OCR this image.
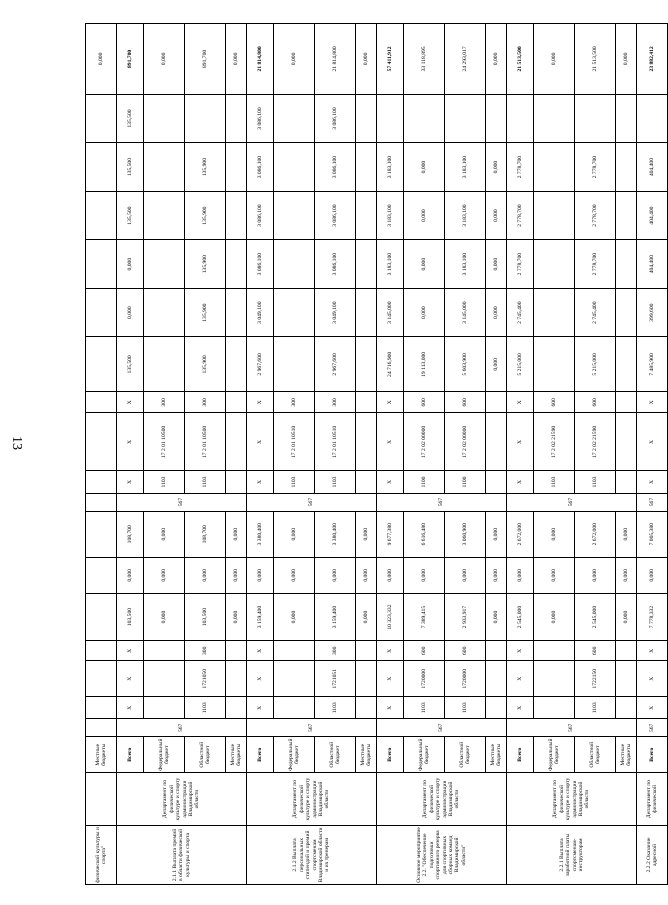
13
физической культуры и спорта"		Местные бюджеты																		0,000
2.1.1 Выплата премий в области физической культуры и спорта	Департамент по физической культуре и спорту администрации Владимирской области	Всего	567	X	X	X	103,500	0,000	108,700	567	X	X	X	135,500	0,000	0,000	135,500	135,500	135,500	891,700
		Федеральный бюджет					0,000	0,000	0,000		1103	17 2 01 10500	300							0,000
		Областной бюджет		1103	1721050	300	103,500	0,000	108,700		1103	17 2 01 10500	300	135,900	135,900	135,900	135,900	135,900		891,700
		Местные бюджеты					0,000	0,000	0,000											0,000
2.1.2 Выплата персональных стипендий и премий спортсменам Владимирской области и их тренерам	Департамент по физической культуре и спорту администрации Владимирской области	Всего	567	X	X	X	3 159,400	0,000	3 380,400	567	X	X	X	2 967,600	3 049,100	3 086,100	3 086,100	3 086,100	3 086,100	21 814,800
		Федеральный бюджет					0,000	0,000	0,000		1103	17 2 01 10510	300							0,000
		Областной бюджет		1103	1721051	300	3 159,400	0,000	3 380,400		1103	17 2 01 10510	300	2 967,600	3 049,100	3 086,100	3 086,100	3 086,100	3 086,100	21 814,800
		Местные бюджеты					0,000	0,000	0,000											0,000
Основное мероприятие 2.2. "Обеспечение подготовки спортивного резерва для спортивных сборных команд Владимирской области"	Департамент по физической культуре и спорту администрации Владимирской области	Всего	567	X	X	X	10 323,332	0,000	9 677,380	567	X	X	X	24 716,900	3 145,000	3 183,100	3 183,100	3 183,100		57 411,912
		Федеральный бюджет		1103	1720000	600	7 389,415	0,000	6 616,480		1100	17 2 02 00000	600	19 113,000	0,000	0,000	0,000	0,000		33 118,895
		Областной бюджет		1103	1720000	600	2 933,917	0,000	3 060,900		1100	17 2 02 00000	600	5 603,900	3 145,000	3 183,100	3 183,100	3 183,100		24 293,017
		Местные бюджеты					0,000	0,000	0,000					0,000	0,000	0,000	0,000	0,000		0,000
2.2.1 Выплата заработной платы спортсменам-инструкторам	Департамент по физической культуре и спорту администрации Владимирской области	Всего	567	X	X	X	2 545,000	0,000	2 672,000	567	X	X	X	5 215,000	2 745,400	2 778,700	2 778,700	2 778,700		21 513,500
		Федеральный бюджет					0,000	0,000	0,000		1103	17 2 02 21590	600							0,000
		Областной бюджет		1103	1722150	600	2 545,000	0,000	2 672,000		1103	17 2 02 21590	600	5 215,000	2 745,400	2 778,700	2 778,700	2 778,700		21 513,500
		Местные бюджеты					0,000	0,000	0,000											0,000
2.2.2 Оказание адресной	Департамент по физической	Всего	567	X	X	X	7 778,332	0,000	7 005,380	567	X	X	X	7 485,900	399,600	404,400	404,400	404,400		23 882,412
